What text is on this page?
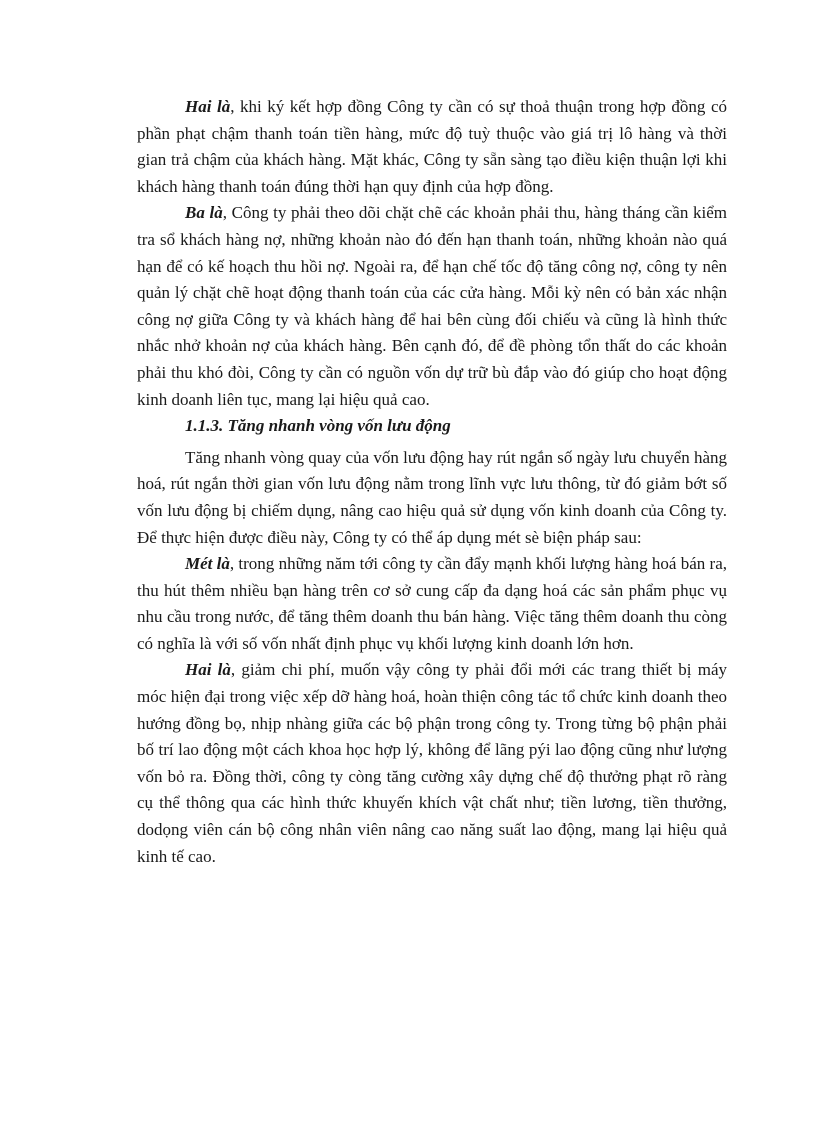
Hai là, khi ký kết hợp đồng Công ty cần có sự thoả thuận trong hợp đồng có phần phạt chậm thanh toán tiền hàng, mức độ tuỳ thuộc vào giá trị lô hàng và thời gian trả chậm của khách hàng. Mặt khác, Công ty sẵn sàng tạo điều kiện thuận lợi khi khách hàng thanh toán đúng thời hạn quy định của hợp đồng.

Ba là, Công ty phải theo dõi chặt chẽ các khoản phải thu, hàng tháng cần kiểm tra sổ khách hàng nợ, những khoản nào đó đến hạn thanh toán, những khoản nào quá hạn để có kế hoạch thu hồi nợ. Ngoài ra, để hạn chế tốc độ tăng công nợ, công ty nên quản lý chặt chẽ hoạt động thanh toán của các cửa hàng. Mỗi kỳ nên có bản xác nhận công nợ giữa Công ty và khách hàng để hai bên cùng đối chiếu và cũng là hình thức nhắc nhở khoản nợ của khách hàng. Bên cạnh đó, để đề phòng tổn thất do các khoản phải thu khó đòi, Công ty cần có nguồn vốn dự trữ bù đắp vào đó giúp cho hoạt động kinh doanh liên tục, mang lại hiệu quả cao.

1.1.3. Tăng nhanh vòng vốn lưu động

Tăng nhanh vòng quay của vốn lưu động hay rút ngắn số ngày lưu chuyển hàng hoá, rút ngắn thời gian vốn lưu động nằm trong lĩnh vực lưu thông, từ đó giảm bớt số vốn lưu động bị chiếm dụng, nâng cao hiệu quả sử dụng vốn kinh doanh của Công ty. Để thực hiện được điều này, Công ty có thể áp dụng mét sè biện pháp sau:

Mét là, trong những năm tới công ty cần đẩy mạnh khối lượng hàng hoá bán ra, thu hút thêm nhiều bạn hàng trên cơ sở cung cấp đa dạng hoá các sản phẩm phục vụ nhu cầu trong nước, để tăng thêm doanh thu bán hàng. Việc tăng thêm doanh thu còng có nghĩa là với số vốn nhất định phục vụ khối lượng kinh doanh lớn hơn.

Hai là, giảm chi phí, muốn vậy công ty phải đổi mới các trang thiết bị máy móc hiện đại trong việc xếp dỡ hàng hoá, hoàn thiện công tác tổ chức kinh doanh theo hướng đồng bọ, nhịp nhàng giữa các bộ phận trong công ty. Trong từng bộ phận phải bố trí lao động một cách khoa học hợp lý, không để lãng pýi lao động cũng như lượng vốn bỏ ra. Đồng thời, công ty còng tăng cường xây dựng chế độ thưởng phạt rõ ràng cụ thể thông qua các hình thức khuyến khích vật chất như; tiền lương, tiền thưởng, dodọng viên cán bộ công nhân viên nâng cao năng suất lao động, mang lại hiệu quả kinh tế cao.
